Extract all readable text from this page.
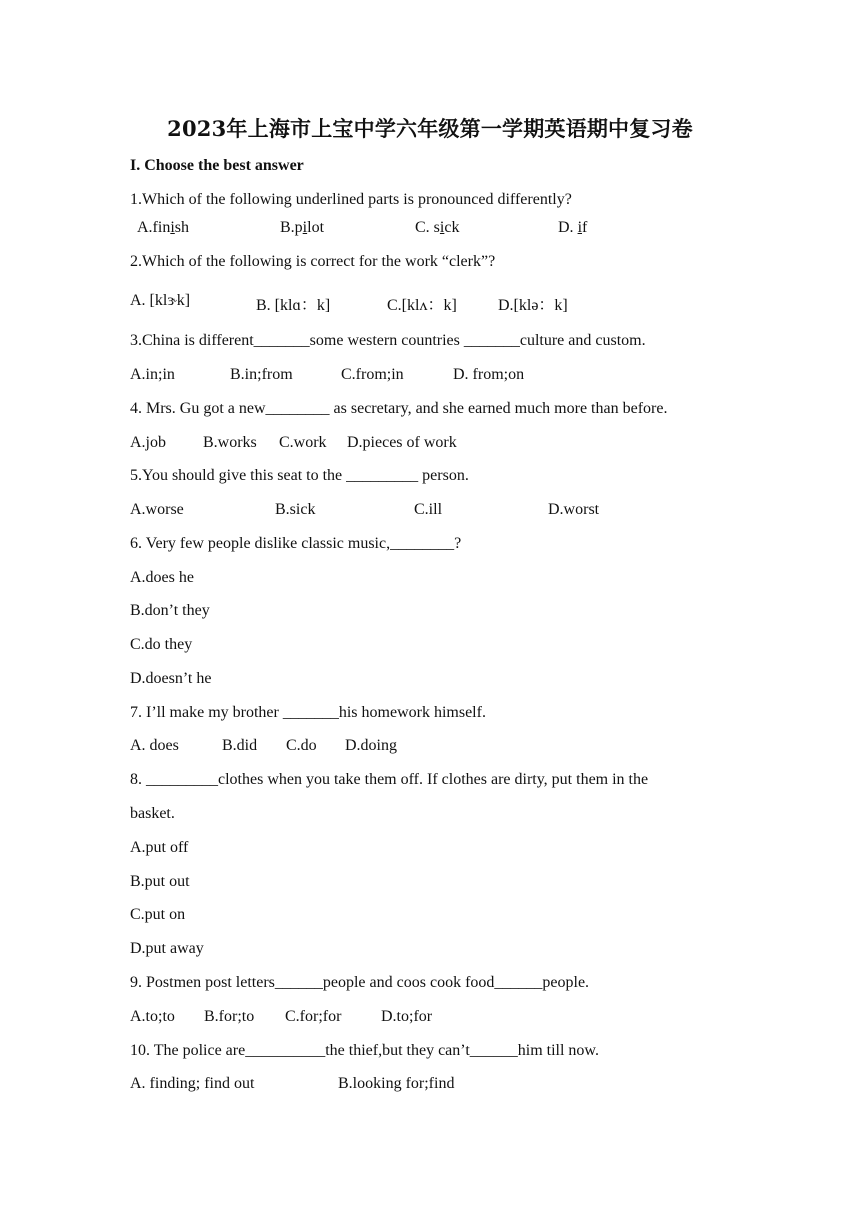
2023年上海市上宝中学六年级第一学期英语期中复习卷
I. Choose the best answer
1.Which of the following underlined parts is pronounced differently?
A.finish	B.pilot	C. sick	D. if
2.Which of the following is correct for the work “clerk”?
A. [klɝk]	B. [klɑ：k]	C.[klʌ：k]	D.[klə：k]
3.China is different_______some western countries _______culture and custom.
A.in;in	B.in;from	C.from;in	D. from;on
4. Mrs. Gu got a new________ as secretary, and she earned much more than before.
A.job B.works C.work D.pieces of work
5.You should give this seat to the _________ person.
A.worse	B.sick	C.ill	D.worst
6. Very few people dislike classic music,________?
A.does he
B.don’t they
C.do they
D.doesn’t he
7. I’ll make my brother _______his homework himself.
A. does	B.did C.do D.doing
8. _________clothes when you take them off. If clothes are dirty, put them in the
basket.
A.put off
B.put out
C.put on
D.put away
9. Postmen post letters______people and coos cook food______people.
A.to;to B.for;to C.for;for D.to;for
10. The police are__________the thief,but they can’t______him till now.
A. finding; find out	B.looking for;find
